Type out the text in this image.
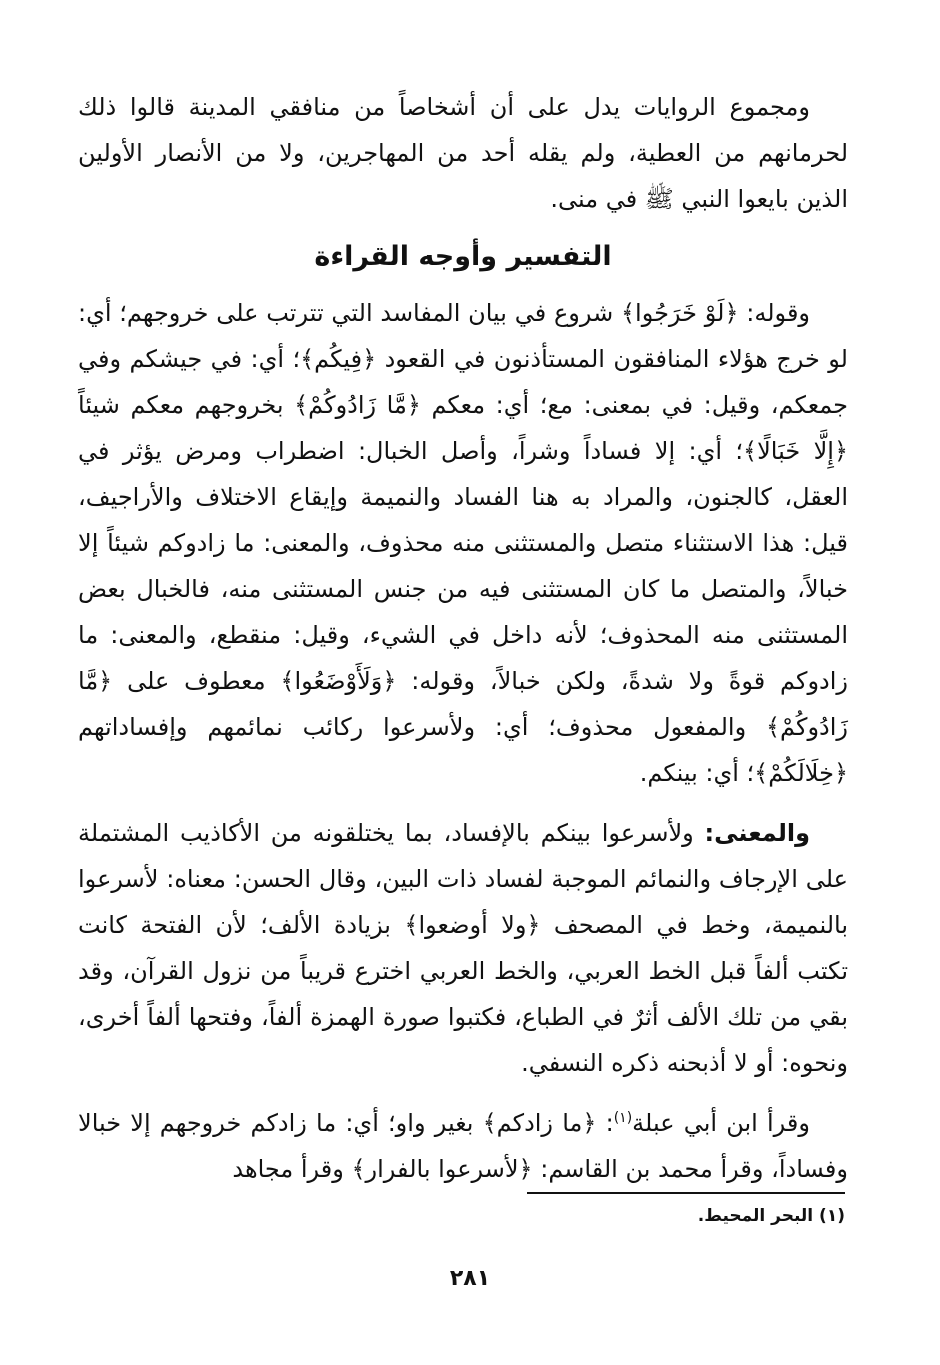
ومجموع الروايات يدل على أن أشخاصاً من منافقي المدينة قالوا ذلك لحرمانهم من العطية، ولم يقله أحد من المهاجرين، ولا من الأنصار الأولين الذين بايعوا النبي ﷺ في منى.

التفسير وأوجه القراءة

وقوله: ﴿لَوْ خَرَجُوا﴾ شروع في بيان المفاسد التي تترتب على خروجهم؛ أي: لو خرج هؤلاء المنافقون المستأذنون في القعود ﴿فِيكُم﴾؛ أي: في جيشكم وفي جمعكم، وقيل: في بمعنى: مع؛ أي: معكم ﴿مَّا زَادُوكُمْ﴾ بخروجهم معكم شيئاً ﴿إِلَّا خَبَالًا﴾؛ أي: إلا فساداً وشراً، وأصل الخبال: اضطراب ومرض يؤثر في العقل، كالجنون، والمراد به هنا الفساد والنميمة وإيقاع الاختلاف والأراجيف، قيل: هذا الاستثناء متصل والمستثنى منه محذوف، والمعنى: ما زادوكم شيئاً إلا خبالاً، والمتصل ما كان المستثنى فيه من جنس المستثنى منه، فالخبال بعض المستثنى منه المحذوف؛ لأنه داخل في الشيء، وقيل: منقطع، والمعنى: ما زادوكم قوةً ولا شدةً، ولكن خبالاً، وقوله: ﴿وَلَأَوْضَعُوا﴾ معطوف على ﴿مَّا زَادُوكُمْ﴾ والمفعول محذوف؛ أي: ولأسرعوا ركائب نمائمهم وإفساداتهم ﴿خِلَالَكُمْ﴾؛ أي: بينكم.

والمعنى: ولأسرعوا بينكم بالإفساد، بما يختلقونه من الأكاذيب المشتملة على الإرجاف والنمائم الموجبة لفساد ذات البين، وقال الحسن: معناه: لأسرعوا بالنميمة، وخط في المصحف ﴿ولا أوضعوا﴾ بزيادة الألف؛ لأن الفتحة كانت تكتب ألفاً قبل الخط العربي، والخط العربي اخترع قريباً من نزول القرآن، وقد بقي من تلك الألف أثرٌ في الطباع، فكتبوا صورة الهمزة ألفاً، وفتحها ألفاً أخرى، ونحوه: أو لا أذبحنه ذكره النسفي.

وقرأ ابن أبي عبلة$^{(١)}$: ﴿ما زادكم﴾ بغير واو؛ أي: ما زادكم خروجهم إلا خبالا وفساداً، وقرأ محمد بن القاسم: ﴿لأسرعوا بالفرار﴾ وقرأ مجاهد

(١) البحر المحيط.
٢٨١
